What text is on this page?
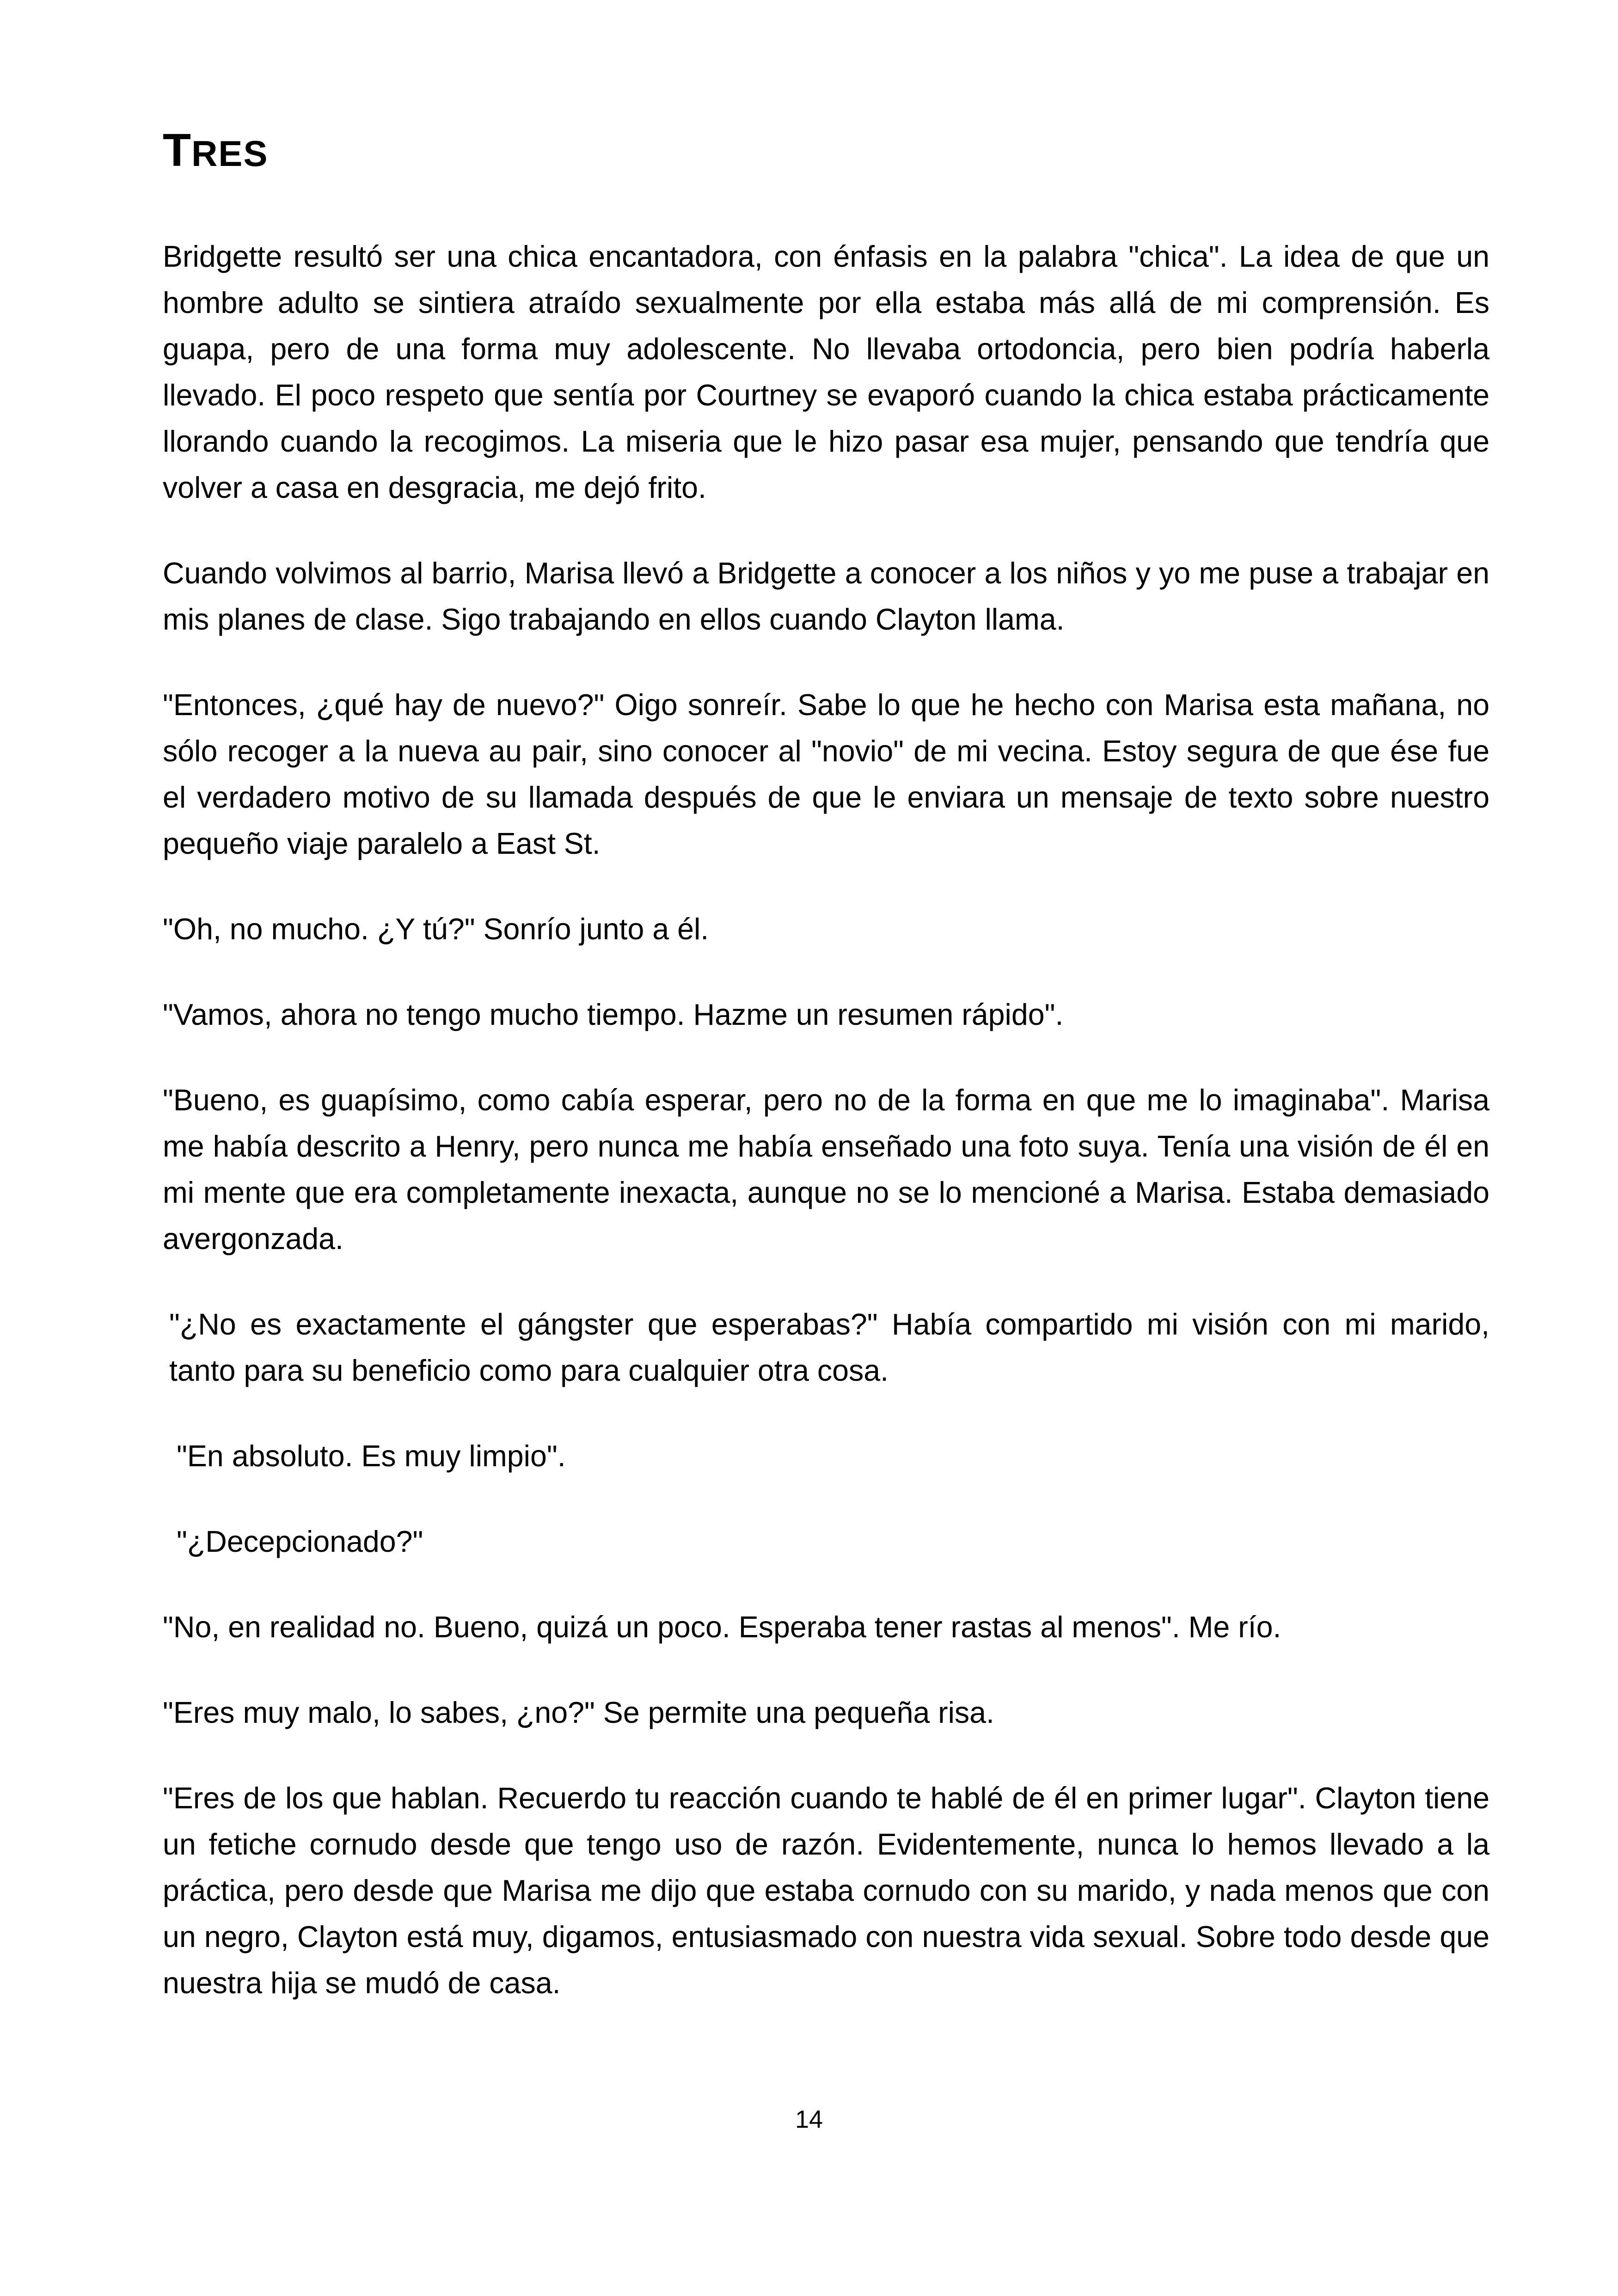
TRES

Bridgette resultó ser una chica encantadora, con énfasis en la palabra "chica". La idea de que un hombre adulto se sintiera atraído sexualmente por ella estaba más allá de mi comprensión. Es guapa, pero de una forma muy adolescente. No llevaba ortodoncia, pero bien podría haberla llevado. El poco respeto que sentía por Courtney se evaporó cuando la chica estaba prácticamente llorando cuando la recogimos. La miseria que le hizo pasar esa mujer, pensando que tendría que volver a casa en desgracia, me dejó frito.

Cuando volvimos al barrio, Marisa llevó a Bridgette a conocer a los niños y yo me puse a trabajar en mis planes de clase. Sigo trabajando en ellos cuando Clayton llama.

"Entonces, ¿qué hay de nuevo?" Oigo sonreír. Sabe lo que he hecho con Marisa esta mañana, no sólo recoger a la nueva au pair, sino conocer al "novio" de mi vecina. Estoy segura de que ése fue el verdadero motivo de su llamada después de que le enviara un mensaje de texto sobre nuestro pequeño viaje paralelo a East St.

"Oh, no mucho. ¿Y tú?" Sonrío junto a él.

"Vamos, ahora no tengo mucho tiempo. Hazme un resumen rápido".

"Bueno, es guapísimo, como cabía esperar, pero no de la forma en que me lo imaginaba". Marisa me había descrito a Henry, pero nunca me había enseñado una foto suya. Tenía una visión de él en mi mente que era completamente inexacta, aunque no se lo mencioné a Marisa. Estaba demasiado avergonzada.

"¿No es exactamente el gángster que esperabas?" Había compartido mi visión con mi marido, tanto para su beneficio como para cualquier otra cosa.

"En absoluto. Es muy limpio".

"¿Decepcionado?"

"No, en realidad no. Bueno, quizá un poco. Esperaba tener rastas al menos". Me río.

"Eres muy malo, lo sabes, ¿no?" Se permite una pequeña risa.

"Eres de los que hablan. Recuerdo tu reacción cuando te hablé de él en primer lugar". Clayton tiene un fetiche cornudo desde que tengo uso de razón. Evidentemente, nunca lo hemos llevado a la práctica, pero desde que Marisa me dijo que estaba cornudo con su marido, y nada menos que con un negro, Clayton está muy, digamos, entusiasmado con nuestra vida sexual. Sobre todo desde que nuestra hija se mudó de casa.

14
